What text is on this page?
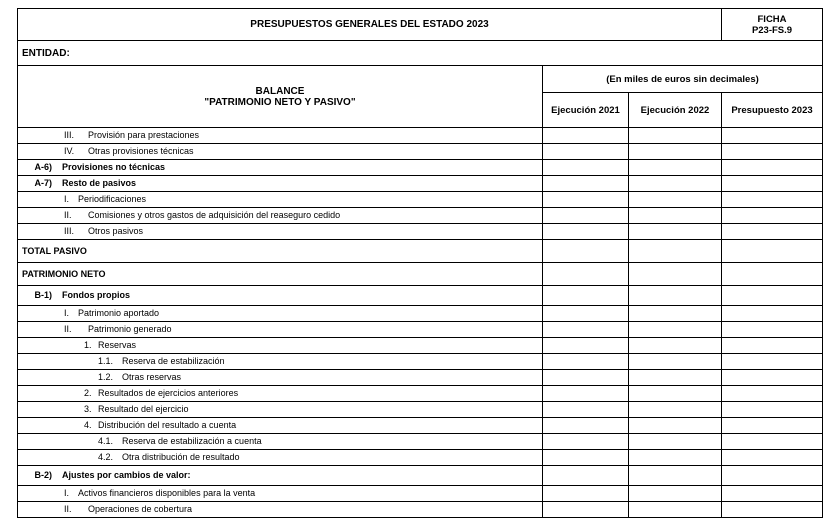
PRESUPUESTOS GENERALES DEL ESTADO 2023			FICHA
P23-FS.9

ENTIDAD:			

BALANCE
"PATRIMONIO NETO Y PASIVO"	(En miles de euros sin decimales)		
	Ejecución 2021	Ejecución 2022	Presupuesto 2023
III. Provisión para prestaciones			
IV. Otras provisiones técnicas			
A-6) Provisiones no técnicas			
A-7) Resto de pasivos			
I. Periodificaciones			
II. Comisiones y otros gastos de adquisición del reaseguro cedido			
III. Otros pasivos			
TOTAL PASIVO			
PATRIMONIO NETO			
B-1) Fondos propios			
I. Patrimonio aportado			
II. Patrimonio generado			
1. Reservas			
1.1. Reserva de estabilización			
1.2. Otras reservas			
2. Resultados de ejercicios anteriores			
3. Resultado del ejercicio			
4. Distribución del resultado a cuenta			
4.1. Reserva de estabilización a cuenta			
4.2. Otra distribución de resultado			
B-2) Ajustes por cambios de valor:			
I. Activos financieros disponibles para la venta			
II. Operaciones de cobertura			
